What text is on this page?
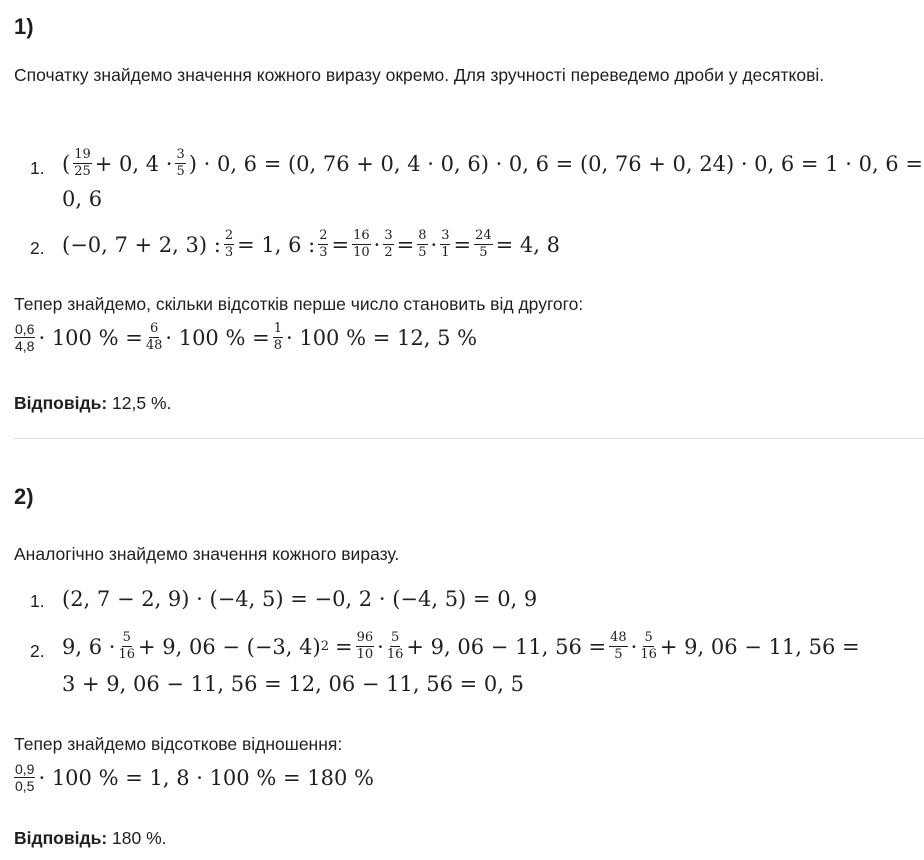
1)
Спочатку знайдемо значення кожного виразу окремо. Для зручності переведемо дроби у десяткові.
1. ( $\frac{19}{25} + 0$, $4 \cdot \frac{3}{5}$ ) · 0, 6 = (0, 76 + 0, 4 · 0, 6) · 0, 6 = (0, 76 + 0, 24) · 0, 6 = 1 · 0, 6 =
0, 6
2. (−0, 7 + 2, 3) : $\frac{2}{3} = 1$, 6 : $\frac{2}{3} = \frac{16}{10} \cdot \frac{3}{2} = \frac{8}{5} \cdot \frac{3}{1} = \frac{24}{5} = 4$, 8
Тепер знайдемо, скільки відсотків перше число становить від другого:
$\frac{0,6}{4,8} \cdot 100$ % = $\frac{6}{48} \cdot 100$ % = $\frac{1}{8} \cdot 100$ % = 12, 5 %
Відповідь: 12,5 %.
2)
Аналогічно знайдемо значення кожного виразу.
1. (2, 7 − 2, 9) · (−4, 5) = −0, 2 · (−4, 5) = 0, 9
2. 9, $6 \cdot \frac{5}{16} + 9$, 06 − (−3, 4) $2 = \frac{96}{10} \cdot \frac{5}{16} + 9$, 06 − 11, $56 = \frac{48}{5} \cdot \frac{5}{16} + 9$, 06 − 11, 56 =
3 + 9, 06 − 11, 56 = 12, 06 − 11, 56 = 0, 5
Тепер знайдемо відсоткове відношення:
$\frac{0,9}{0,5} \cdot 100$ % = 1, 8 · 100 % = 180 %
Відповідь: 180 %.
